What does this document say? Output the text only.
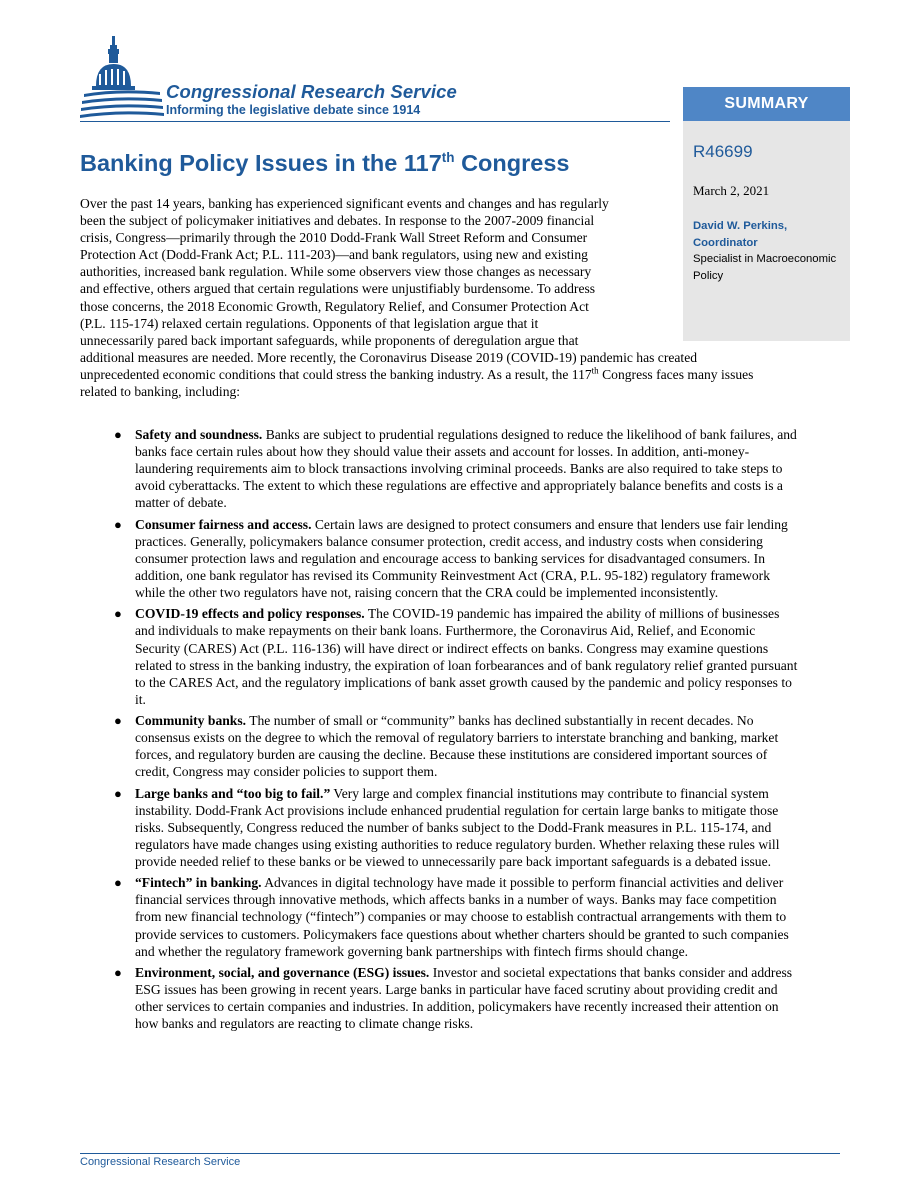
Congressional Research Service
Informing the legislative debate since 1914	SUMMARY
R46699
March 2, 2021
David W. Perkins,
Coordinator
Specialist in Macroeconomic Policy
Banking Policy Issues in the 117th Congress
Over the past 14 years, banking has experienced significant events and changes and has regularly
been the subject of policymaker initiatives and debates. In response to the 2007-2009 financial
crisis, Congress—primarily through the 2010 Dodd-Frank Wall Street Reform and Consumer
Protection Act (Dodd-Frank Act; P.L. 111-203)—and bank regulators, using new and existing
authorities, increased bank regulation. While some observers view those changes as necessary
and effective, others argued that certain regulations were unjustifiably burdensome. To address
those concerns, the 2018 Economic Growth, Regulatory Relief, and Consumer Protection Act
(P.L. 115-174) relaxed certain regulations. Opponents of that legislation argue that it
unnecessarily pared back important safeguards, while proponents of deregulation argue that
additional measures are needed. More recently, the Coronavirus Disease 2019 (COVID-19) pandemic has created
unprecedented economic conditions that could stress the banking industry. As a result, the 117th Congress faces many issues
related to banking, including:
● Safety and soundness. Banks are subject to prudential regulations designed to reduce the likelihood of bank failures, and banks face certain rules about how they should value their assets and account for losses. In addition, anti-money-laundering requirements aim to block transactions involving criminal proceeds. Banks are also required to take steps to avoid cyberattacks. The extent to which these regulations are effective and appropriately balance benefits and costs is a matter of debate.
● Consumer fairness and access. Certain laws are designed to protect consumers and ensure that lenders use fair lending practices. Generally, policymakers balance consumer protection, credit access, and industry costs when considering consumer protection laws and regulation and encourage access to banking services for disadvantaged consumers. In addition, one bank regulator has revised its Community Reinvestment Act (CRA, P.L. 95-182) regulatory framework while the other two regulators have not, raising concern that the CRA could be implemented inconsistently.
● COVID-19 effects and policy responses. The COVID-19 pandemic has impaired the ability of millions of businesses and individuals to make repayments on their bank loans. Furthermore, the Coronavirus Aid, Relief, and Economic Security (CARES) Act (P.L. 116-136) will have direct or indirect effects on banks. Congress may examine questions related to stress in the banking industry, the expiration of loan forbearances and of bank regulatory relief granted pursuant to the CARES Act, and the regulatory implications of bank asset growth caused by the pandemic and policy responses to it.
● Community banks. The number of small or “community” banks has declined substantially in recent decades. No consensus exists on the degree to which the removal of regulatory barriers to interstate branching and banking, market forces, and regulatory burden are causing the decline. Because these institutions are considered important sources of credit, Congress may consider policies to support them.
● Large banks and “too big to fail.” Very large and complex financial institutions may contribute to financial system instability. Dodd-Frank Act provisions include enhanced prudential regulation for certain large banks to mitigate those risks. Subsequently, Congress reduced the number of banks subject to the Dodd-Frank measures in P.L. 115-174, and regulators have made changes using existing authorities to reduce regulatory burden. Whether relaxing these rules will provide needed relief to these banks or be viewed to unnecessarily pare back important safeguards is a debated issue.
● “Fintech” in banking. Advances in digital technology have made it possible to perform financial activities and deliver financial services through innovative methods, which affects banks in a number of ways. Banks may face competition from new financial technology (“fintech”) companies or may choose to establish contractual arrangements with them to provide services to customers. Policymakers face questions about whether charters should be granted to such companies and whether the regulatory framework governing bank partnerships with fintech firms should change.
● Environment, social, and governance (ESG) issues. Investor and societal expectations that banks consider and address ESG issues has been growing in recent years. Large banks in particular have faced scrutiny about providing credit and other services to certain companies and industries. In addition, policymakers have recently increased their attention on how banks and regulators are reacting to climate change risks.
Congressional Research Service
